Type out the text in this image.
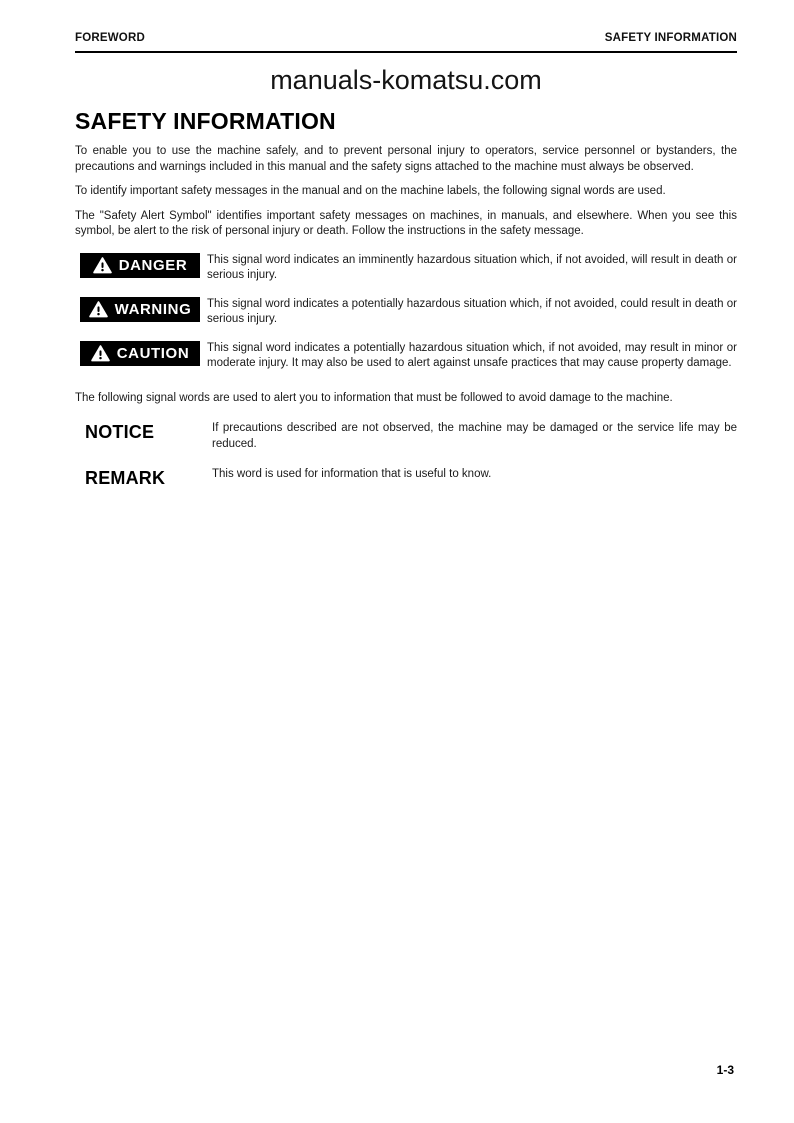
FOREWORD	SAFETY INFORMATION
manuals-komatsu.com
SAFETY INFORMATION

To enable you to use the machine safely, and to prevent personal injury to operators, service personnel or bystanders, the precautions and warnings included in this manual and the safety signs attached to the machine must always be observed.

To identify important safety messages in the manual and on the machine labels, the following signal words are used.

The "Safety Alert Symbol" identifies important safety messages on machines, in manuals, and elsewhere. When you see this symbol, be alert to the risk of personal injury or death. Follow the instructions in the safety message.

DANGER This signal word indicates an imminently hazardous situation which, if not avoided, will result in death or serious injury.
WARNING This signal word indicates a potentially hazardous situation which, if not avoided, could result in death or serious injury.
CAUTION This signal word indicates a potentially hazardous situation which, if not avoided, may result in minor or moderate injury. It may also be used to alert against unsafe practices that may cause property damage.

The following signal words are used to alert you to information that must be followed to avoid damage to the machine.

NOTICE	If precautions described are not observed, the machine may be damaged or the service life may be reduced.
REMARK	This word is used for information that is useful to know.
1-3
